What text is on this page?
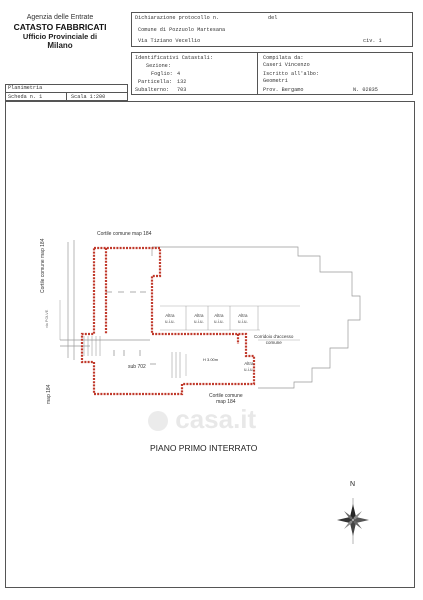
Agenzia delle Entrate
CATASTO FABBRICATI
Ufficio Provinciale di
Milano
Dichiarazione protocollo n.	del
Comune di Pozzuolo Martesana
Via Tiziano Vecellio	civ. 1
Identificativi Catastali:
Sezione:
Foglio: 4
Particella: 132
Subalterno: 703
Compilata da:
Caseri Vincenzo
Iscritto all'albo:
Geometri
Prov. Bergamo	N. 02835
Planimetria
Scheda n. 1	Scala 1:200
Cortile comune map 184
Cortile comune map 184
map 184
via POLVE	Altra
u.i.u.
Altra
u.i.u.
Altra
u.i.u.
Altra
u.i.u.
Altra
u.i.u.
Corridoio d'accesso
comune
H 3.00m
sub 702
Cortile comune
map 184
casa.it
PIANO PRIMO INTERRATO
N
